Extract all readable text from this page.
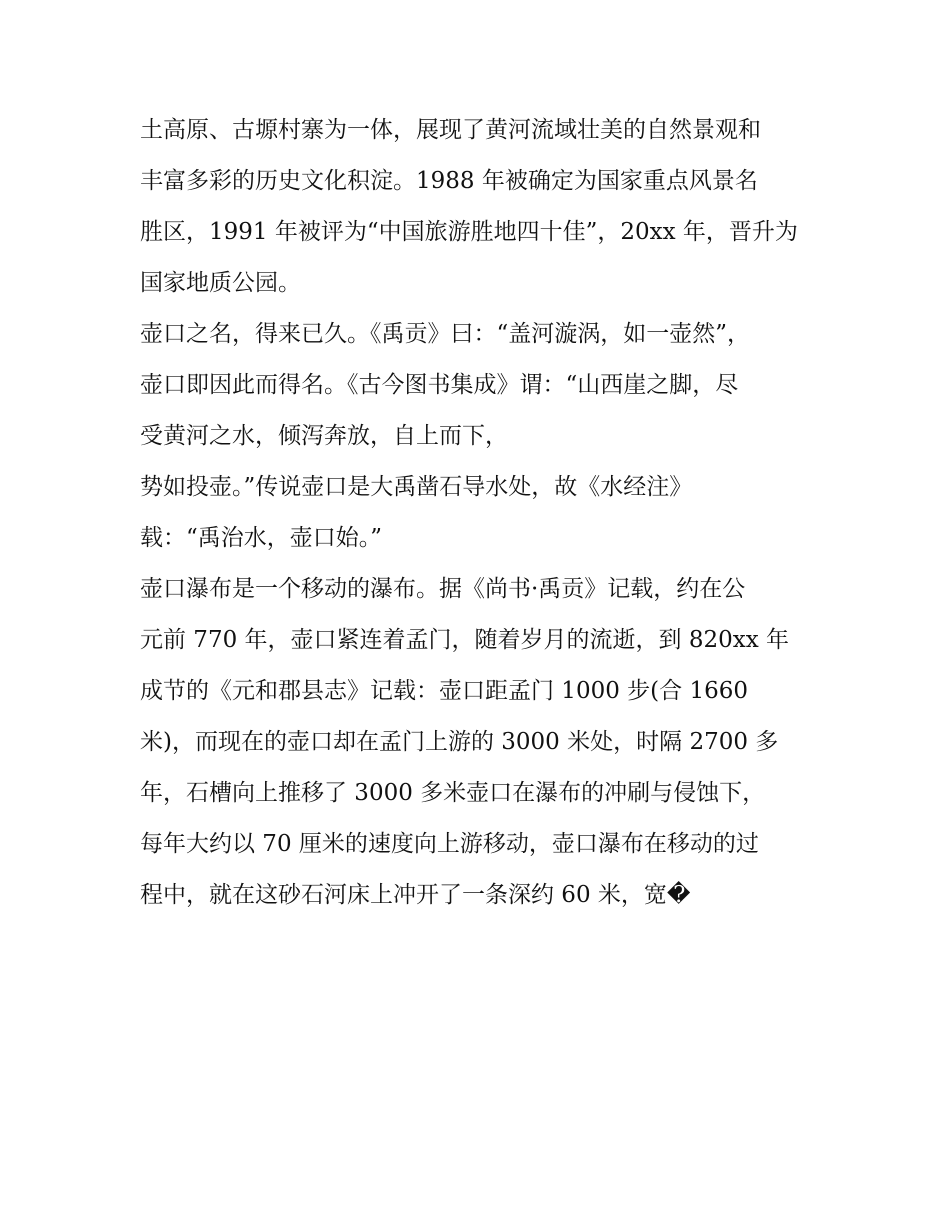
土高原、古塬村寨为一体，展现了黄河流域壮美的自然景观和
丰富多彩的历史文化积淀。1988 年被确定为国家重点风景名
胜区，1991 年被评为“中国旅游胜地四十佳”，20xx 年，晋升为
国家地质公园。
壶口之名，得来已久。《禹贡》曰：“盖河漩涡，如一壶然”，
壶口即因此而得名。《古今图书集成》谓：“山西崖之脚，尽
受黄河之水，倾泻奔放，自上而下，
势如投壶。”传说壶口是大禹凿石导水处，故《水经注》
载：“禹治水，壶口始。”
壶口瀑布是一个移动的瀑布。据《尚书·禹贡》记载，约在公
元前 770 年，壶口紧连着孟门，随着岁月的流逝，到 820xx 年
成节的《元和郡县志》记载：壶口距孟门 1000 步(合 1660
米)，而现在的壶口却在孟门上游的 3000 米处，时隔 2700 多
年，石槽向上推移了 3000 多米壶口在瀑布的冲刷与侵蚀下，
每年大约以 70 厘米的速度向上游移动，壶口瀑布在移动的过
程中，就在这砂石河床上冲开了一条深约 60 米，宽�
